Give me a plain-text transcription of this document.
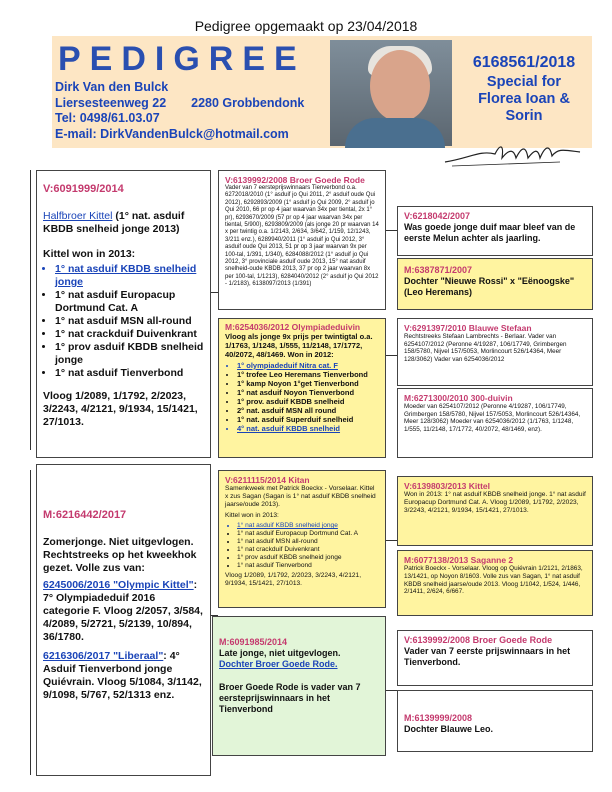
Pedigree opgemaakt op 23/04/2018
PEDIGREE
Dirk Van den Bulck
Liersesteenweg 22 2280 Grobbendonk
Tel: 0498/61.03.07
E-mail: DirkVandenBulck@hotmail.com
6168561/2018
Special for
Florea Ioan &
Sorin
V:6091999/2014
Halfbroer Kittel (1° nat. asduif KBDB snelheid jonge 2013)
Kittel won in 2013:
• 1° nat asduif KBDB snelheid jonge
• 1° nat asduif Europacup Dortmund Cat. A
• 1° nat asduif MSN all-round
• 1° nat crackduif Duivenkrant
• 1° prov asduif KBDB snelheid jonge
• 1° nat asduif Tienverbond
Vloog 1/2089, 1/1792, 2/2023, 3/2243, 4/2121, 9/1934, 15/1421, 27/1013.
M:6216442/2017
Zomerjonge. Niet uitgevlogen. Rechtstreeks op het kweekhok gezet. Volle zus van:
6245006/2016 "Olympic Kittel": 7° Olympiadeduif 2016 categorie F. Vloog 2/2057, 3/584, 4/2089, 5/2721, 5/2139, 10/894, 36/1780.
6216306/2017 "Liberaal": 4° Asduif Tienverbond jonge Quiévrain. Vloog 5/1084, 3/1142, 9/1098, 5/767, 52/1313 enz.
V:6139992/2008 Broer Goede Rode
Vader van 7 eersteprijswinnaars Tienverbond o.a. 6272018/2010 (1° asduif jo Qui 2011, 2° asduif oude Qui 2012), 6292893/2009 (1° asduif jo Qui 2009, 2° asduif jo Qui 2010, 66 pr op 4 jaar waarvan 34x per tiental, 2x 1° pr), 6293670/2009 (57 pr op 4 jaar waarvan 34x per tiental, 5/900), 6293809/2009 (als jonge 20 pr waarvan 14 x per twintig o.a. 1/2143, 2/634, 3/642, 1/159, 12/1243, 3/211 enz.), 6289940/2011 (1° asduif jo Qui 2012, 3° asduif oude Qui 2013, 51 pr op 3 jaar waarvan 9x per 100-tal, 1/391, 1/340), 6284088/2012 (1° asduif jo Qui 2012, 3° provinciale asduif oude 2013, 15° nat asduif snelheid-oude KBDB 2013, 37 pr op 2 jaar waarvan 8x per 100-tal, 1/1213), 6284040/2012 (2° asduif jo Qui 2012 - 1/2183), 6138097/2013 (1/391)
M:6254036/2012 Olympiadeduivin
Vloog als jonge 9x prijs per twintigtal o.a. 1/1763, 1/1248, 1/555, 11/2148, 17/1772, 40/2072, 48/1469. Won in 2012:
• 1° olympiadeduif Nitra cat. F
• 1° trofee Leo Heremans Tienverbond
• 1° kamp Noyon 1°get Tienverbond
• 1° nat asduif Noyon Tienverbond
• 1° prov. asduif KBDB snelheid
• 2° nat. asduif MSN all round
• 1° nat. asduif Superduif snelheid
• 4° nat. asduif KBDB snelheid
V:6218042/2007
Was goede jonge duif maar bleef van de eerste Melun achter als jaarling.
M:6387871/2007
Dochter "Nieuwe Rossi" x "Eënoogske" (Leo Heremans)
V:6291397/2010 Blauwe Stefaan
Rechtstreeks Stefaan Lambrechts - Berlaar. Vader van 6254107/2012 (Peronne 4/19287, 106/17749, Grimbergen 158/5780, Nijvel 157/5053, Morlincourt 526/14364, Meer 128/3062) Vader van 6254036/2012
M:6271300/2010 300-duivin
Moeder van 6254107/2012 (Peronne 4/19287, 106/17749, Grimbergen 158/5780, Nijvel 157/5053, Morlincourt 526/14364, Meer 128/3062) Moeder van 6254036/2012 (1/1763, 1/1248, 1/555, 11/2148, 17/1772, 40/2072, 48/1469, enz).
V:6211115/2014 Kitan
Samenkweek met Patrick Boeckx - Vorselaar. Kittel x zus Sagan (Sagan is 1° nat asduif KBDB snelheid jaarse/oude 2013).
Kittel won in 2013:
• 1° nat asduif KBDB snelheid jonge
• 1° nat asduif Europacup Dortmund Cat. A
• 1° nat asduif MSN all-round
• 1° nat crackduif Duivenkrant
• 1° prov asduif KBDB snelheid jonge
• 1° nat asduif Tienverbond
Vloog 1/2089, 1/1792, 2/2023, 3/2243, 4/2121, 9/1934, 15/1421, 27/1013.
M:6091985/2014
Late jonge, niet uitgevlogen.
Dochter Broer Goede Rode.
Broer Goede Rode is vader van 7 eersteprijswinnaars in het Tienverbond
V:6139803/2013 Kittel
Won in 2013: 1° nat asduif KBDB snelheid jonge. 1° nat asduif Europacup Dortmund Cat. A. Vloog 1/2089, 1/1792, 2/2023, 3/2243, 4/2121, 9/1934, 15/1421, 27/1013.
M:6077138/2013 Saganne 2
Patrick Boeckx - Vorselaar. Vloog op Quiévrain 1/2121, 2/1863, 13/1421, op Noyon 8/1603. Volle zus van Sagan, 1° nat asduif KBDB snelheid jaarse/oude 2013. Vloog 1/1042, 1/524, 1/446, 2/1411, 2/624, 6/667.
V:6139992/2008 Broer Goede Rode
Vader van 7 eerste prijswinnaars in het Tienverbond.
M:6139999/2008
Dochter Blauwe Leo.
